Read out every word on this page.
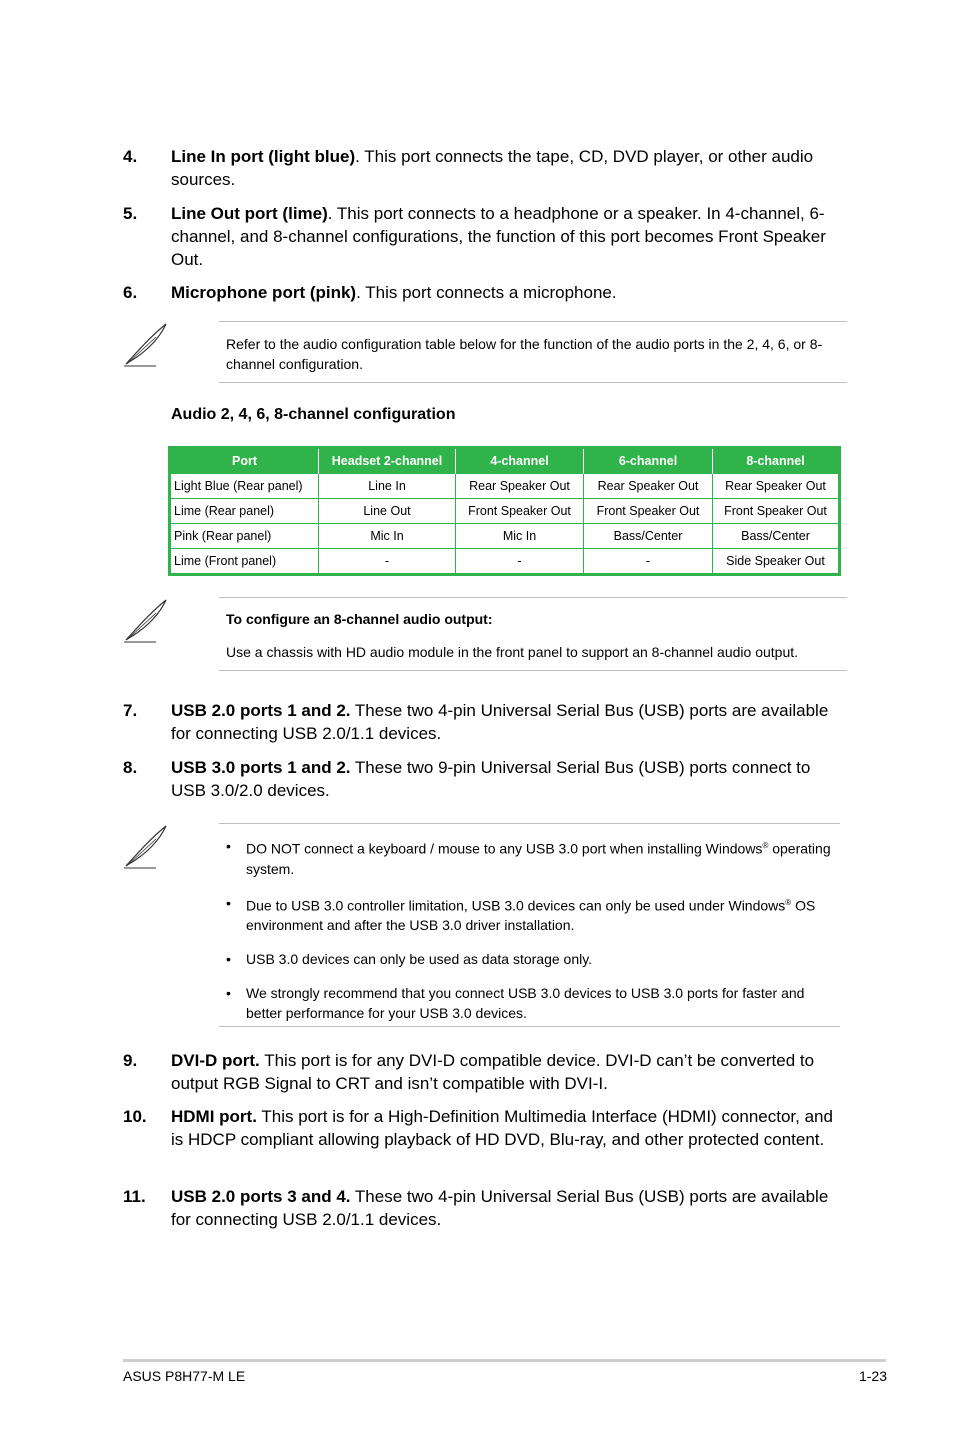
4. Line In port (light blue). This port connects the tape, CD, DVD player, or other audio sources.
5. Line Out port (lime). This port connects to a headphone or a speaker. In 4-channel, 6-channel, and 8-channel configurations, the function of this port becomes Front Speaker Out.
6. Microphone port (pink). This port connects a microphone.

Refer to the audio configuration table below for the function of the audio ports in the 2, 4, 6, or 8-channel configuration.

Audio 2, 4, 6, 8-channel configuration
Port	Headset 2-channel	4-channel	6-channel	8-channel
Light Blue (Rear panel)	Line In	Rear Speaker Out	Rear Speaker Out	Rear Speaker Out
Lime (Rear panel)	Line Out	Front Speaker Out	Front Speaker Out	Front Speaker Out
Pink (Rear panel)	Mic In	Mic In	Bass/Center	Bass/Center
Lime (Front panel)	-	-	-	Side Speaker Out

To configure an 8-channel audio output:

Use a chassis with HD audio module in the front panel to support an 8-channel audio output.

7. USB 2.0 ports 1 and 2. These two 4-pin Universal Serial Bus (USB) ports are available for connecting USB 2.0/1.1 devices.
8. USB 3.0 ports 1 and 2. These two 9-pin Universal Serial Bus (USB) ports connect to USB 3.0/2.0 devices.
• DO NOT connect a keyboard / mouse to any USB 3.0 port when installing Windows® operating system.
• Due to USB 3.0 controller limitation, USB 3.0 devices can only be used under Windows® OS environment and after the USB 3.0 driver installation.
• USB 3.0 devices can only be used as data storage only.
• We strongly recommend that you connect USB 3.0 devices to USB 3.0 ports for faster and better performance for your USB 3.0 devices.
9. DVI-D port. This port is for any DVI-D compatible device. DVI-D can’t be converted to output RGB Signal to CRT and isn’t compatible with DVI-I.
10. HDMI port. This port is for a High-Definition Multimedia Interface (HDMI) connector, and is HDCP compliant allowing playback of HD DVD, Blu-ray, and other protected content.
11. USB 2.0 ports 3 and 4. These two 4-pin Universal Serial Bus (USB) ports are available for connecting USB 2.0/1.1 devices.
ASUS P8H77-M LE	1-23
